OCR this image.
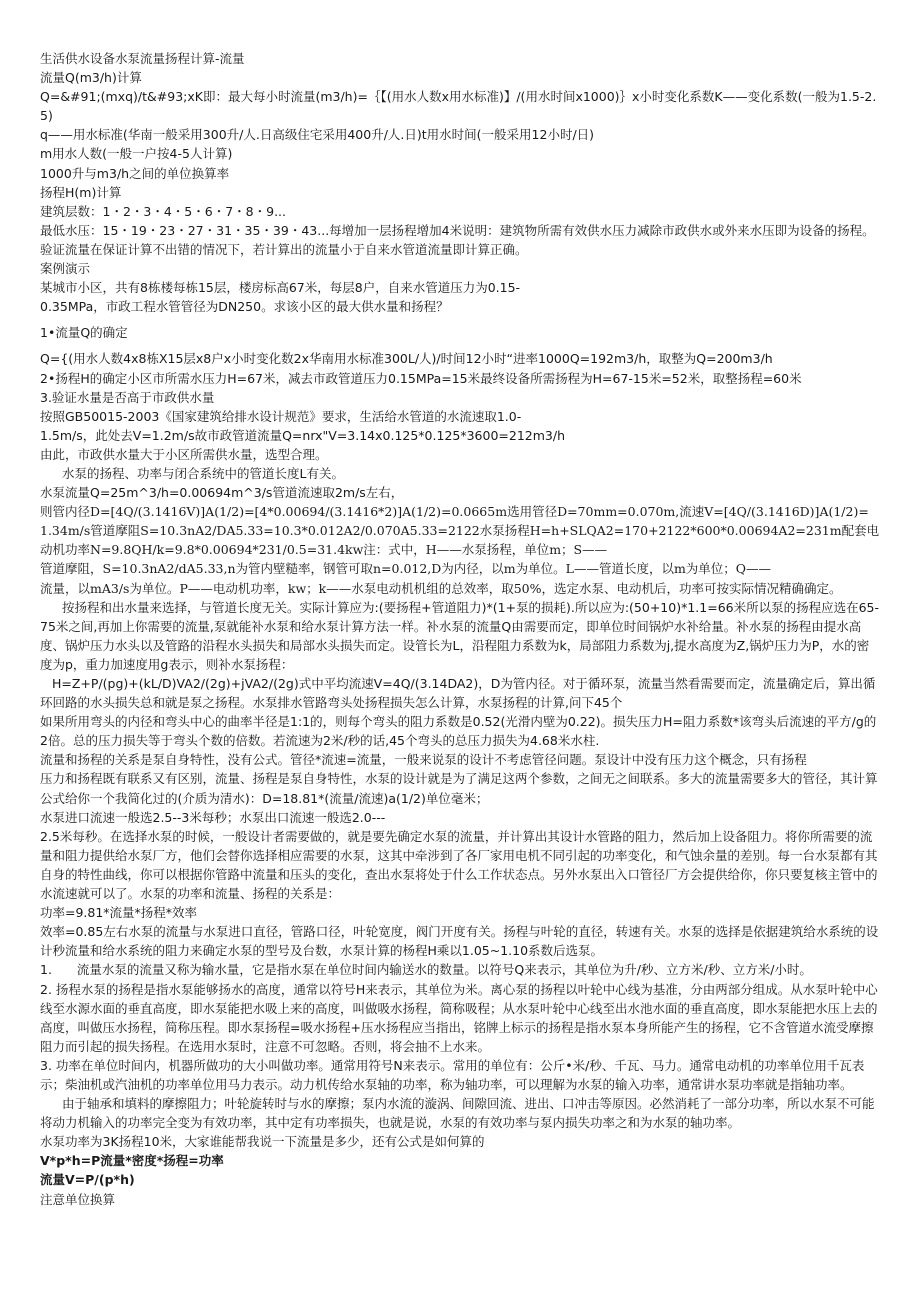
生活供水设备水泵流量扬程计算-流量

流量Q(m3/h)计算

Q=&#91;(mxq)/t&#93;xK即：最大每小时流量(m3/h)=｛【(用水人数x用水标准)】/(用水时间x1000)｝x小时变化系数K——变化系数(一般为1.5-2.5)

q——用水标准(华南一般采用300升/人.日高级住宅采用400升/人.日)t用水时间(一般采用12小时/日)

m用水人数(一般一户按4-5人计算)

1000升与m3/h之间的单位换算率

扬程H(m)计算

建筑层数：1・2・3・4・5・6・7・8・9...

最低水压：15・19・23・27・31・35・39・43...每增加一层扬程增加4米说明：建筑物所需有效供水压力减除市政供水或外来水压即为设备的扬程。

验证流量在保证计算不出错的情况下，若计算出的流量小于自来水管道流量即计算正确。

案例演示

某城市小区，共有8栋楼每栋15层，楼房标高67米，每层8户，自来水管道压力为0.15-

0.35MPa，市政工程水管管径为DN250。求该小区的最大供水量和扬程？

1•流量Q的确定

Q={(用水人数4x8栋X15层x8户x小时变化数2x华南用水标准300L/人)/时间12小时“进率1000Q=192m3/h，取整为Q=200m3/h

2•扬程H的确定小区市所需水压力H=67米，减去市政管道压力0.15MPa=15米最终设备所需扬程为H=67-15米=52米，取整扬程=60米

3.验证水量是否高于市政供水量

按照GB50015-2003《国家建筑给排水设计规范》要求，生活给水管道的水流速取1.0-

1.5m/s，此处去V=1.2m/s故市政管道流量Q=nrx"V=3.14x0.125*0.125*3600=212m3/h

由此，市政供水量大于小区所需供水量，选型合理。

水泵的扬程、功率与闭合系统中的管道长度L有关。

水泵流量Q=25m^3/h=0.00694m^3/s管道流速取2m/s左右，

则管内径D=[4Q/(3.1416V)]A(1/2)=[4*0.00694/(3.1416*2)]A(1/2)=0.0665m选用管径D=70mm=0.070m,流速V=[4Q/(3.1416D)]A(1/2)=1.34m/s管道摩阻S=10.3nA2/DA5.33=10.3*0.012A2/0.070A5.33=2122水泵扬程H=h+SLQA2=170+2122*600*0.00694A2=231m配套电动机功率N=9.8QH/k=9.8*0.00694*231/0.5=31.4kw注：式中，H——水泵扬程，单位m；S——

管道摩阻，S=10.3nA2/dA5.33,n为管内壁糙率，钢管可取n=0.012,D为内径，以m为单位。L——管道长度，以m为单位；Q——

流量，以mA3/s为单位。P——电动机功率，kw；k——水泵电动机机组的总效率，取50%，选定水泵、电动机后，功率可按实际情况精确确定。

按扬程和出水量来选择，与管道长度无关。实际计算应为:(要扬程+管道阻力)*(1+泵的损耗).所以应为:(50+10)*1.1=66米所以泵的扬程应选在65-

75米之间,再加上你需要的流量,泵就能补水泵和给水泵计算方法一样。补水泵的流量Q由需要而定，即单位时间锅炉水补给量。补水泵的扬程由提水高度、锅炉压力水头以及管路的沿程水头损失和局部水头损失而定。设管长为L，沿程阻力系数为k，局部阻力系数为j,提水高度为Z,锅炉压力为P，水的密度为p，重力加速度用g表示，则补水泵扬程：

H=Z+P/(pg)+(kL/D)VA2/(2g)+jVA2/(2g)式中平均流速V=4Q/(3.14DA2)，D为管内径。对于循环泵，流量当然看需要而定，流量确定后，算出循环回路的水头损失总和就是泵之扬程。水泵排水管路弯头处扬程损失怎么计算，水泵扬程的计算,问下45个

如果所用弯头的内径和弯头中心的曲率半径是1:1的，则每个弯头的阻力系数是0.52(光滑内壁为0.22)。损失压力H=阻力系数*该弯头后流速的平方/g的2倍。总的压力损失等于弯头个数的倍数。若流速为2米/秒的话,45个弯头的总压力损失为4.68米水柱.

流量和扬程的关系是泵自身特性，没有公式。管径*流速=流量，一般来说泵的设计不考虑管径问题。泵设计中没有压力这个概念，只有扬程

压力和扬程既有联系又有区别，流量、扬程是泵自身特性，水泵的设计就是为了满足这两个参数，之间无之间联系。多大的流量需要多大的管径，其计算公式给你一个我简化过的(介质为清水)：D=18.81*(流量/流速)a(1/2)单位毫米；

水泵进口流速一般选2.5--3米每秒；水泵出口流速一般选2.0---

2.5米每秒。在选择水泵的时候，一般设计者需要做的，就是要先确定水泵的流量，并计算出其设计水管路的阻力，然后加上设备阻力。将你所需要的流量和阻力提供给水泵厂方，他们会替你选择相应需要的水泵，这其中牵涉到了各厂家用电机不同引起的功率变化，和气蚀余量的差别。每一台水泵都有其自身的特性曲线，你可以根据你管路中流量和压头的变化，查出水泵将处于什么工作状态点。另外水泵出入口管径厂方会提供给你，你只要复核主管中的水流速就可以了。水泵的功率和流量、扬程的关系是：

功率=9.81*流量*扬程*效率

效率=0.85左右水泵的流量与水泵进口直径，管路口径，叶轮宽度，阀门开度有关。扬程与叶轮的直径，转速有关。水泵的选择是依据建筑给水系统的设计秒流量和给水系统的阻力来确定水泵的型号及台数，水泵计算的杨程H乘以1.05~1.10系数后选泵。

1.　　流量水泵的流量又称为输水量，它是指水泵在单位时间内输送水的数量。以符号Q来表示，其单位为升/秒、立方米/秒、立方米/小时。

2. 扬程水泵的扬程是指水泵能够扬水的高度，通常以符号H来表示，其单位为米。离心泵的扬程以叶轮中心线为基准，分由两部分组成。从水泵叶轮中心线至水源水面的垂直高度，即水泵能把水吸上来的高度，叫做吸水扬程，简称吸程；从水泵叶轮中心线至出水池水面的垂直高度，即水泵能把水压上去的高度，叫做压水扬程，简称压程。即水泵扬程=吸水扬程+压水扬程应当指出，铭牌上标示的扬程是指水泵本身所能产生的扬程，它不含管道水流受摩擦阻力而引起的损失扬程。在选用水泵时，注意不可忽略。否则，将会抽不上水来。

3. 功率在单位时间内，机器所做功的大小叫做功率。通常用符号N来表示。常用的单位有：公斤•米/秒、千瓦、马力。通常电动机的功率单位用千瓦表示；柴油机或汽油机的功率单位用马力表示。动力机传给水泵轴的功率，称为轴功率，可以理解为水泵的输入功率，通常讲水泵功率就是指轴功率。

由于轴承和填料的摩擦阻力；叶轮旋转时与水的摩擦；泵内水流的漩涡、间隙回流、进出、口冲击等原因。必然消耗了一部分功率，所以水泵不可能将动力机输入的功率完全变为有效功率，其中定有功率损失，也就是说，水泵的有效功率与泵内损失功率之和为水泵的轴功率。

水泵功率为3K扬程10米，大家谁能帮我说一下流量是多少，还有公式是如何算的

V*p*h=P流量*密度*扬程=功率

流量V=P/(p*h)

注意单位换算
